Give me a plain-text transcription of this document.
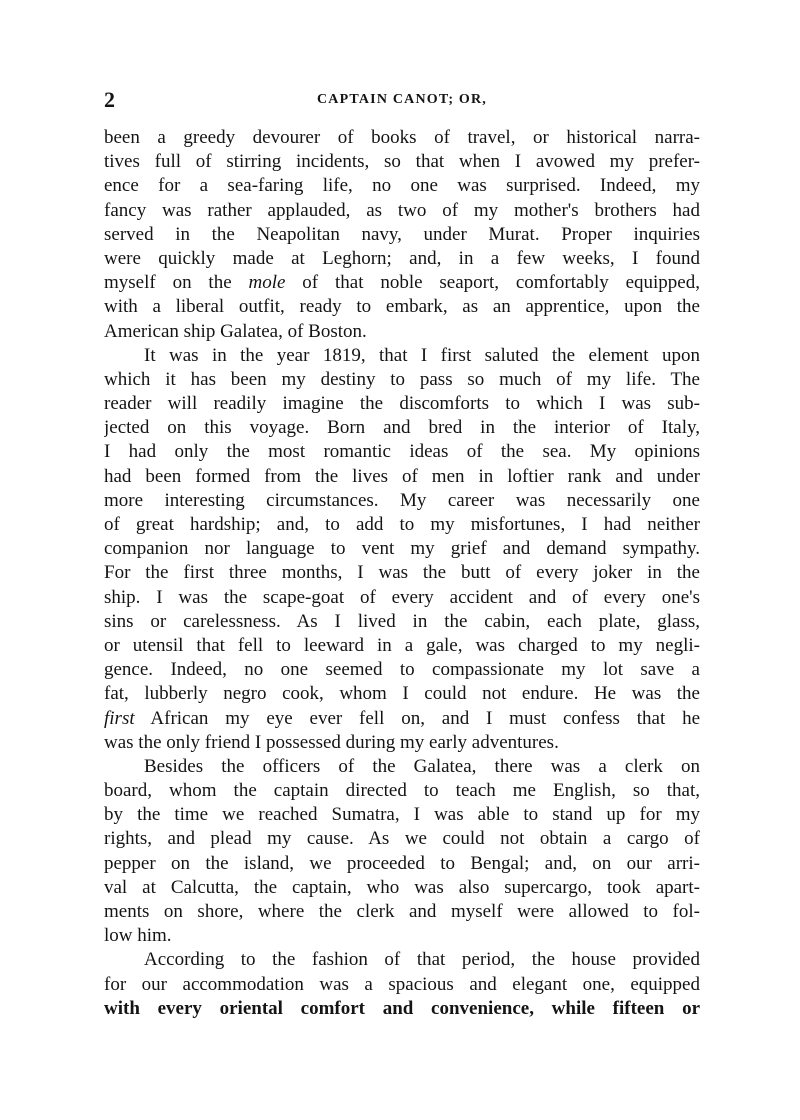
2	CAPTAIN CANOT; OR,
been a greedy devourer of books of travel, or historical narra-
tives full of stirring incidents, so that when I avowed my prefer-
ence for a sea-faring life, no one was surprised. Indeed, my
fancy was rather applauded, as two of my mother's brothers had
served in the Neapolitan navy, under Murat. Proper inquiries
were quickly made at Leghorn; and, in a few weeks, I found
myself on the mole of that noble seaport, comfortably equipped,
with a liberal outfit, ready to embark, as an apprentice, upon the
American ship Galatea, of Boston.
It was in the year 1819, that I first saluted the element upon
which it has been my destiny to pass so much of my life. The
reader will readily imagine the discomforts to which I was sub-
jected on this voyage. Born and bred in the interior of Italy,
I had only the most romantic ideas of the sea. My opinions
had been formed from the lives of men in loftier rank and under
more interesting circumstances. My career was necessarily one
of great hardship; and, to add to my misfortunes, I had neither
companion nor language to vent my grief and demand sympathy.
For the first three months, I was the butt of every joker in the
ship. I was the scape-goat of every accident and of every one's
sins or carelessness. As I lived in the cabin, each plate, glass,
or utensil that fell to leeward in a gale, was charged to my negli-
gence. Indeed, no one seemed to compassionate my lot save a
fat, lubberly negro cook, whom I could not endure. He was the
first African my eye ever fell on, and I must confess that he
was the only friend I possessed during my early adventures.
Besides the officers of the Galatea, there was a clerk on
board, whom the captain directed to teach me English, so that,
by the time we reached Sumatra, I was able to stand up for my
rights, and plead my cause. As we could not obtain a cargo of
pepper on the island, we proceeded to Bengal; and, on our arri-
val at Calcutta, the captain, who was also supercargo, took apart-
ments on shore, where the clerk and myself were allowed to fol-
low him.
According to the fashion of that period, the house provided
for our accommodation was a spacious and elegant one, equipped
with every oriental comfort and convenience, while fifteen or
